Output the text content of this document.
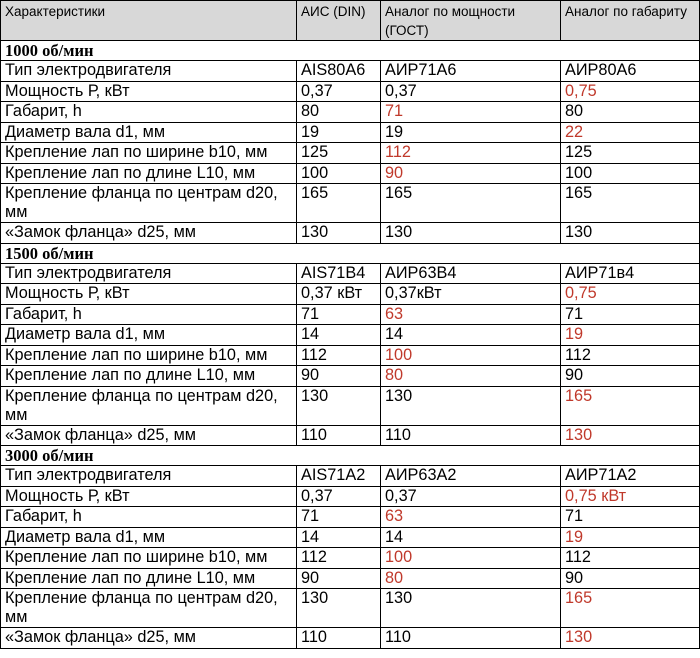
Характеристики	АИС (DIN)	Аналог по мощности (ГОСТ)	Аналог по габариту
1000 об/мин			
Тип электродвигателя	AIS80A6	АИР71А6	АИР80А6
Мощность Р, кВт	0,37	0,37	0,75
Габарит, h	80	71	80
Диаметр вала d1, мм	19	19	22
Крепление лап по ширине b10, мм	125	112	125
Крепление лап по длине L10, мм	100	90	100
Крепление фланца по центрам d20, мм	165	165	165
«Замок фланца» d25, мм	130	130	130
1500 об/мин			
Тип электродвигателя	AIS71B4	АИР63В4	АИР71в4
Мощность Р, кВт	0,37 кВт	0,37кВт	0,75
Габарит, h	71	63	71
Диаметр вала d1, мм	14	14	19
Крепление лап по ширине b10, мм	112	100	112
Крепление лап по длине L10, мм	90	80	90
Крепление фланца по центрам d20, мм	130	130	165
«Замок фланца» d25, мм	110	110	130
3000 об/мин			
Тип электродвигателя	AIS71A2	АИР63А2	АИР71А2
Мощность Р, кВт	0,37	0,37	0,75 кВт
Габарит, h	71	63	71
Диаметр вала d1, мм	14	14	19
Крепление лап по ширине b10, мм	112	100	112
Крепление лап по длине L10, мм	90	80	90
Крепление фланца по центрам d20, мм	130	130	165
«Замок фланца» d25, мм	110	110	130
